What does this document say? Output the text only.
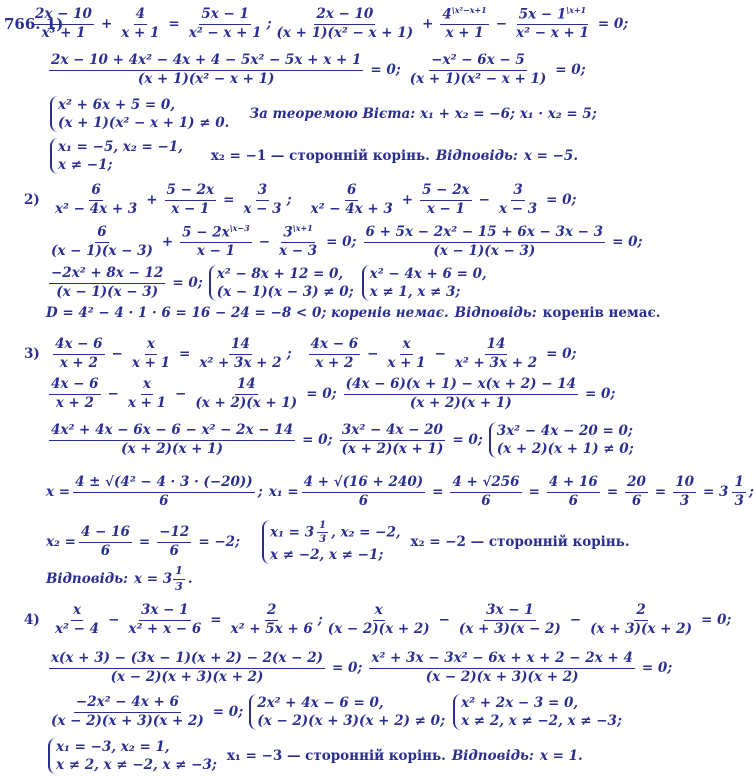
766. 1)
2x − 10
x³ + 1
+ $\frac{4}{x + 1} = \frac{5x - 1}{\text{x² − x + 1}}$ ;
2x − 10
(x + 1)(x² − x + 1)
+ $\frac{4^{\backslash x^2-x+1}}{x + 1} - \frac{5x - 1^{\backslash x+1}}{\text{x² − x + 1}} = 0$;
$\frac{\text{2x − 10 + 4x² − 4x + 4 − 5x² − 5x + x + 1}}{\text{(x + 1)(x² − x + 1)}} = 0$; $\frac{\text{−x² − 6x − 5}}{\text{(x + 1)(x² − x + 1)}} = 0$;
x² + 6x + 5 = 0,
(x + 1)(x² − x + 1) ≠ 0.
За теоремою Вієта: x₁ + x₂ = −6; x₁ · x₂ = 5;
x₁ = −5, x₂ = −1,
x ≠ −1;
x₂ = −1 — сторонній корінь. Відповідь: x = −5.
2)
6
x² − 4x + 3
+ $\frac{5 - 2x}{x - 1} = \frac{3}{x - 3}$ ;
6
x² − 4x + 3
+ $\frac{5 - 2x}{x - 1} - \frac{3}{x - 3} = 0$;
6
(x − 1)(x − 3)
+ $\frac{5 - 2x^{\backslash x-3}}{x - 1} - \frac{3^{\backslash x+1}}{x - 3} = 0$; $\frac{\text{6 + 5x − 2x² − 15 + 6x − 3x − 3}}{(x - 1)(x - 3)} = 0$;
$\frac{\text{−2x² + 8x − 12}}{(x - 1)(x - 3)} = 0$;
x² − 8x + 12 = 0,
(x − 1)(x − 3) ≠ 0;
x² − 4x + 6 = 0,
x ≠ 1, x ≠ 3;
D = 4² − 4 · 1 · 6 = 16 − 24 = −8 < 0; коренів немає. Відповідь: коренів немає.
3)
4x − 6
x + 2
− $\frac{x}{x + 1} = \frac{14}{\text{x² + 3x + 2}}$ ;
4x − 6
x + 2
− $\frac{x}{x + 1} - \frac{14}{\text{x² + 3x + 2}} = 0$;
4x − 6
x + 2
− $\frac{x}{x + 1} - \frac{14}{(x + 2)(x + 1)} = 0$; $\frac{(4x - 6)(x + 1) - x(x + 2) - 14}{(x + 2)(x + 1)} = 0$;
$\frac{\text{4x² + 4x − 6x − 6 − x² − 2x − 14}}{(x + 2)(x + 1)} = 0$; $\frac{\text{3x² − 4x − 20}}{(x + 2)(x + 1)} = 0$;
3x² − 4x − 20 = 0;
(x + 2)(x + 1) ≠ 0;
$x = \frac{\text{4 ± √(4² − 4 · 3 · (−20))}}{6}$ ; $x_1 = \frac{4 + √(16 + 240)}{6} = \frac{4 + √256}{6} = \frac{4 + 16}{6} = \frac{20}{6} = \frac{10}{3} = 3$
1
3
;
$x_2 = \frac{4 - 16}{6} = \frac{-12}{6} = -2$;
$x_1 = 3 \frac{1}{3}$ , x₂ = −2,
x ≠ −2, x ≠ −1;
x₂ = −2 — сторонній корінь.
Відповідь: x = 3
1
3 .
4)
x
x² − 4
− $\frac{3x - 1}{\text{x² + x − 6}} = \frac{2}{\text{x² + 5x + 6}}$ ;
x
(x − 2)(x + 2)
− $\frac{3x - 1}{(x + 3)(x - 2)} - \frac{2}{(x + 3)(x + 2)} = 0$;
$\frac{x(x + 3) - (3x - 1)(x + 2) - 2(x - 2)}{(x - 2)(x + 3)(x + 2)} = 0$; $\frac{\text{x² + 3x − 3x² − 6x + x + 2 − 2x + 4}}{(x - 2)(x + 3)(x + 2)} = 0$;
$\frac{\text{−2x² − 4x + 6}}{(x - 2)(x + 3)(x + 2)} = 0$;
2x² + 4x − 6 = 0,
(x − 2)(x + 3)(x + 2) ≠ 0;
x² + 2x − 3 = 0,
x ≠ 2, x ≠ −2, x ≠ −3;
x₁ = −3, x₂ = 1,
x ≠ 2, x ≠ −2, x ≠ −3;
x₁ = −3 — сторонній корінь. Відповідь: x = 1.
